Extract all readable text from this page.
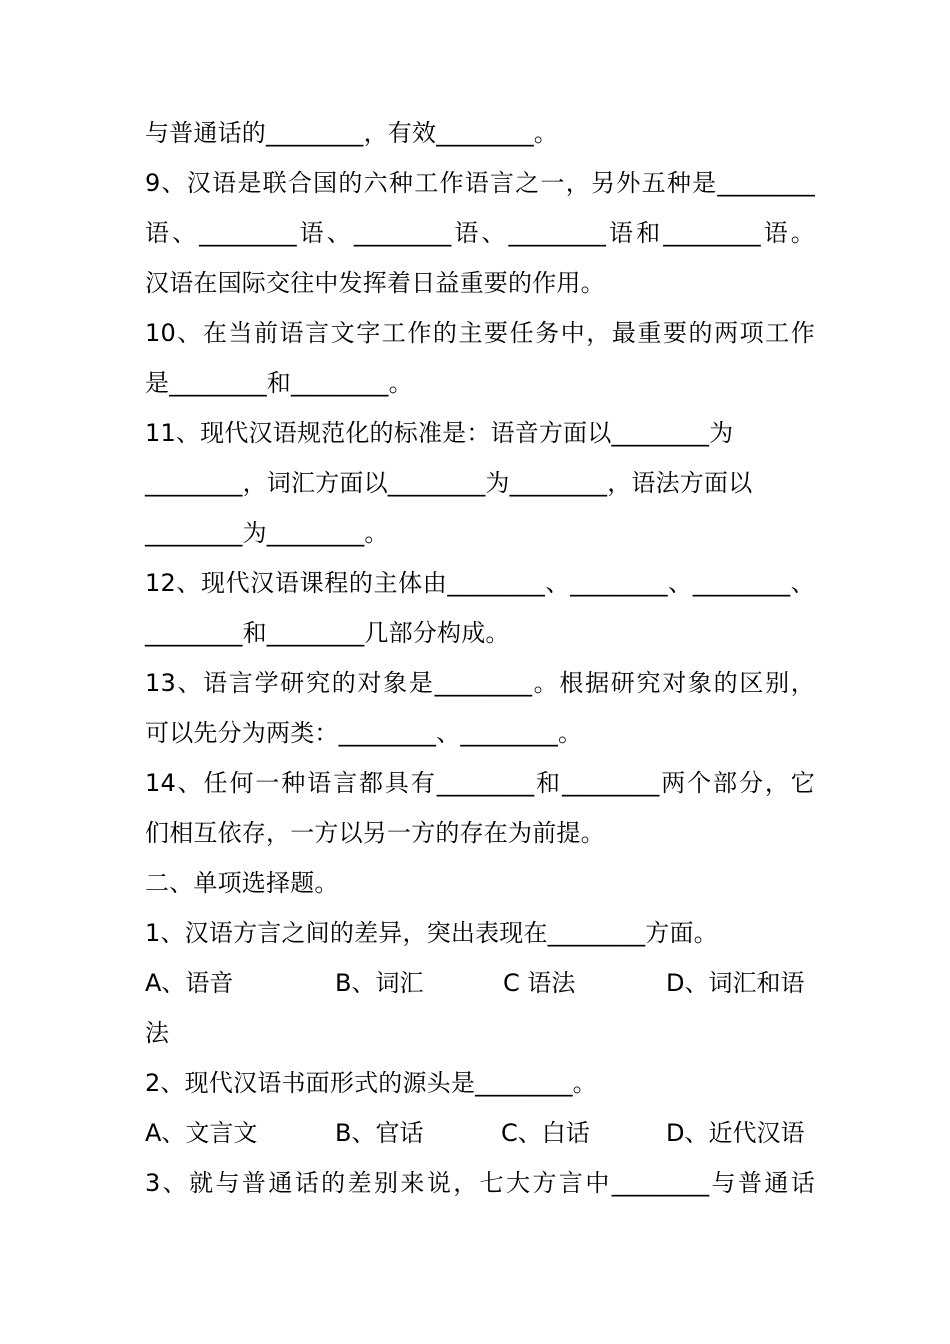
与普通话的________，有效________。
9、汉语是联合国的六种工作语言之一，另外五种是________
语、________语、________语、________语和________语。
汉语在国际交往中发挥着日益重要的作用。
10、在当前语言文字工作的主要任务中，最重要的两项工作
是________和________。
11、现代汉语规范化的标准是：语音方面以________为
________，词汇方面以________为________，语法方面以
________为________。
12、现代汉语课程的主体由________、________、________、
________和________几部分构成。
13、语言学研究的对象是________。根据研究对象的区别，
可以先分为两类：________、________。
14、任何一种语言都具有________和________两个部分，它
们相互依存，一方以另一方的存在为前提。
二、单项选择题。
1、汉语方言之间的差异，突出表现在________方面。
A、语音	B、词汇	C 语法	D、词汇和语
法
2、现代汉语书面形式的源头是________。
A、文言文	B、官话	C、白话	D、近代汉语
3、就与普通话的差别来说，七大方言中________与普通话
